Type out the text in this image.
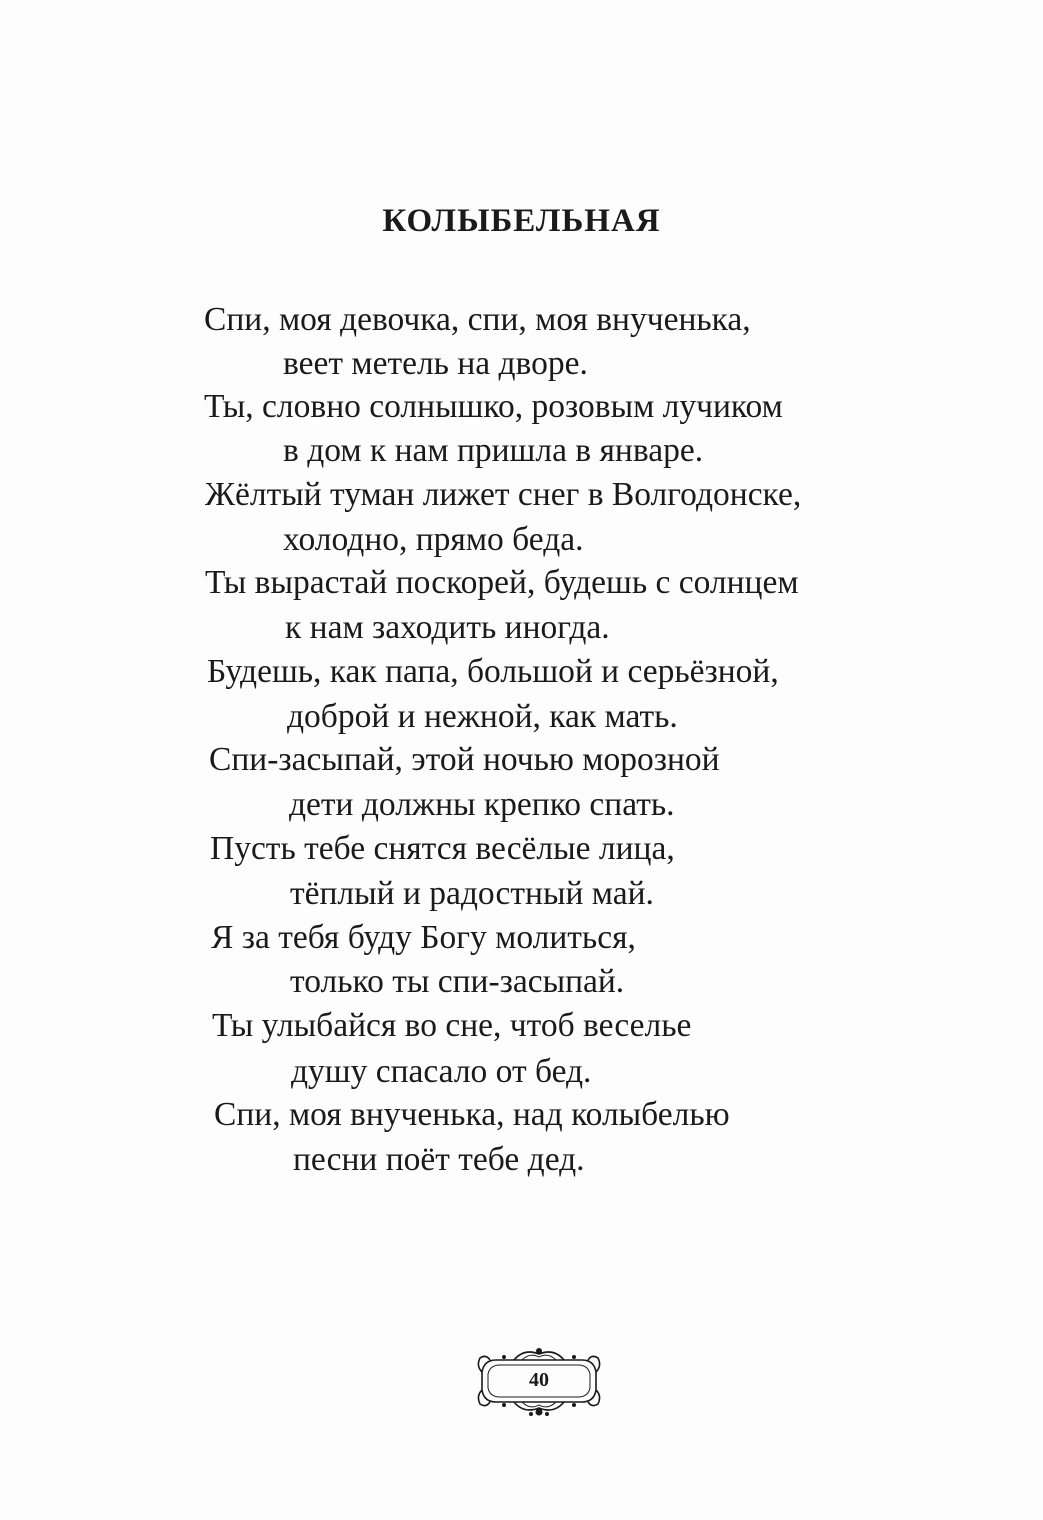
КОЛЫБЕЛЬНАЯ
Спи, моя девочка, спи, моя внученька,
веет метель на дворе.
Ты, словно солнышко, розовым лучиком
в дом к нам пришла в январе.
Жёлтый туман лижет снег в Волгодонске,
холодно, прямо беда.
Ты вырастай поскорей, будешь с солнцем
к нам заходить иногда.
Будешь, как папа, большой и серьёзной,
доброй и нежной, как мать.
Спи-засыпай, этой ночью морозной
дети должны крепко спать.
Пусть тебе снятся весёлые лица,
тёплый и радостный май.
Я за тебя буду Богу молиться,
только ты спи-засыпай.
Ты улыбайся во сне, чтоб веселье
душу спасало от бед.
Спи, моя внученька, над колыбелью
песни поёт тебе дед.
40
